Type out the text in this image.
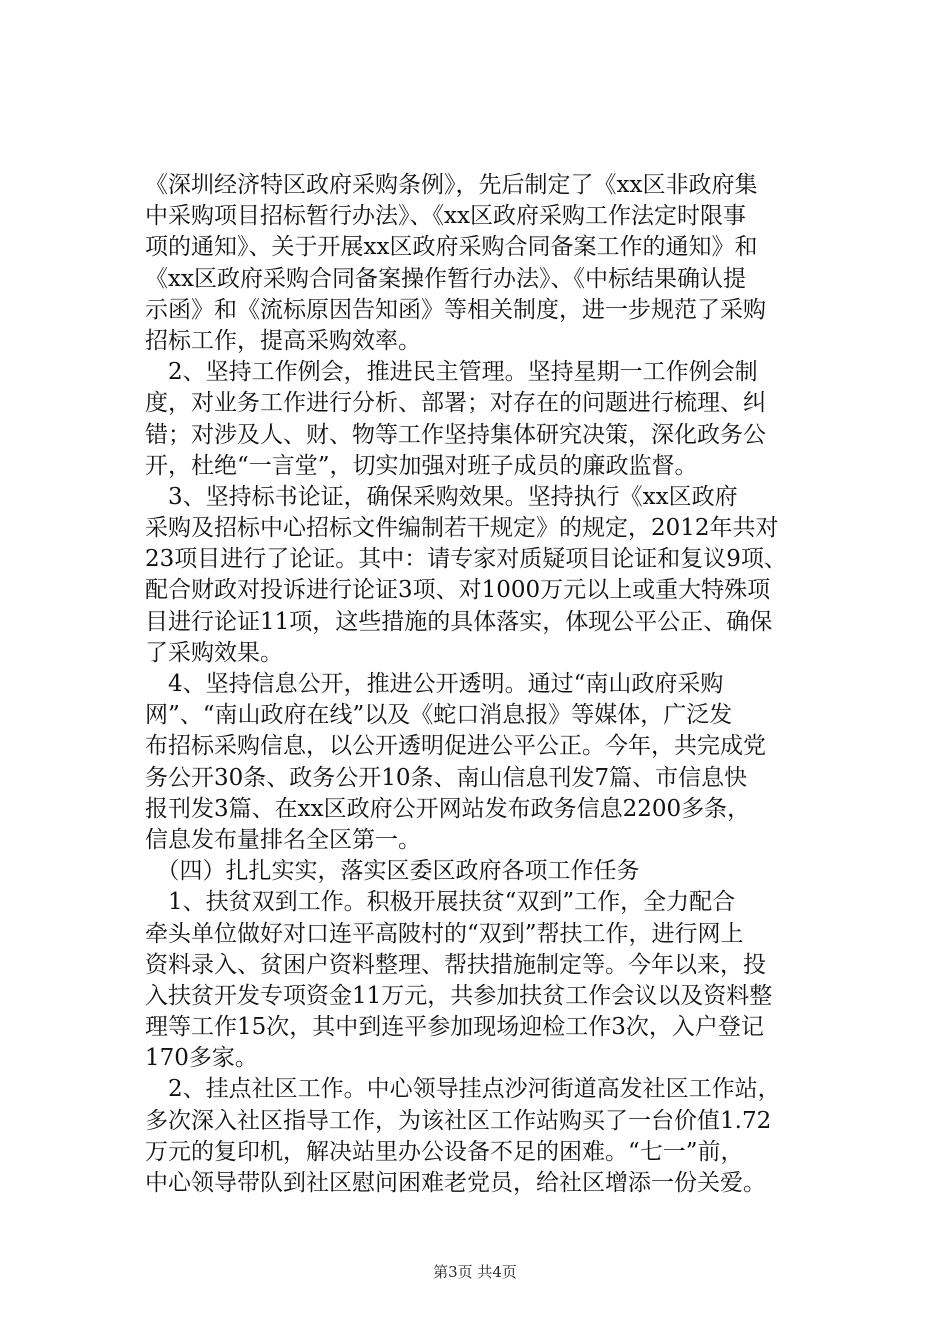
《深圳经济特区政府采购条例》，先后制定了《xx区非政府集
中采购项目招标暂行办法》、《xx区政府采购工作法定时限事
项的通知》、关于开展xx区政府采购合同备案工作的通知》和
《xx区政府采购合同备案操作暂行办法》、《中标结果确认提
示函》和《流标原因告知函》等相关制度，进一步规范了采购
招标工作，提高采购效率。
　2、坚持工作例会，推进民主管理。坚持星期一工作例会制
度，对业务工作进行分析、部署；对存在的问题进行梳理、纠
错；对涉及人、财、物等工作坚持集体研究决策，深化政务公
开，杜绝“一言堂”，切实加强对班子成员的廉政监督。
　3、坚持标书论证，确保采购效果。坚持执行《xx区政府
采购及招标中心招标文件编制若干规定》的规定，2012年共对
23项目进行了论证。其中：请专家对质疑项目论证和复议9项、
配合财政对投诉进行论证3项、对1000万元以上或重大特殊项
目进行论证11项，这些措施的具体落实，体现公平公正、确保
了采购效果。
　4、坚持信息公开，推进公开透明。通过“南山政府采购
网”、“南山政府在线”以及《蛇口消息报》等媒体，广泛发
布招标采购信息，以公开透明促进公平公正。今年，共完成党
务公开30条、政务公开10条、南山信息刊发7篇、市信息快
报刊发3篇、在xx区政府公开网站发布政务信息2200多条，
信息发布量排名全区第一。
　（四）扎扎实实，落实区委区政府各项工作任务
　1、扶贫双到工作。积极开展扶贫“双到”工作，全力配合
牵头单位做好对口连平高陂村的“双到”帮扶工作，进行网上
资料录入、贫困户资料整理、帮扶措施制定等。今年以来，投
入扶贫开发专项资金11万元，共参加扶贫工作会议以及资料整
理等工作15次，其中到连平参加现场迎检工作3次，入户登记
170多家。
　2、挂点社区工作。中心领导挂点沙河街道高发社区工作站，
多次深入社区指导工作，为该社区工作站购买了一台价值1.72
万元的复印机，解决站里办公设备不足的困难。“七一”前，
中心领导带队到社区慰问困难老党员，给社区增添一份关爱。
第3页 共4页
